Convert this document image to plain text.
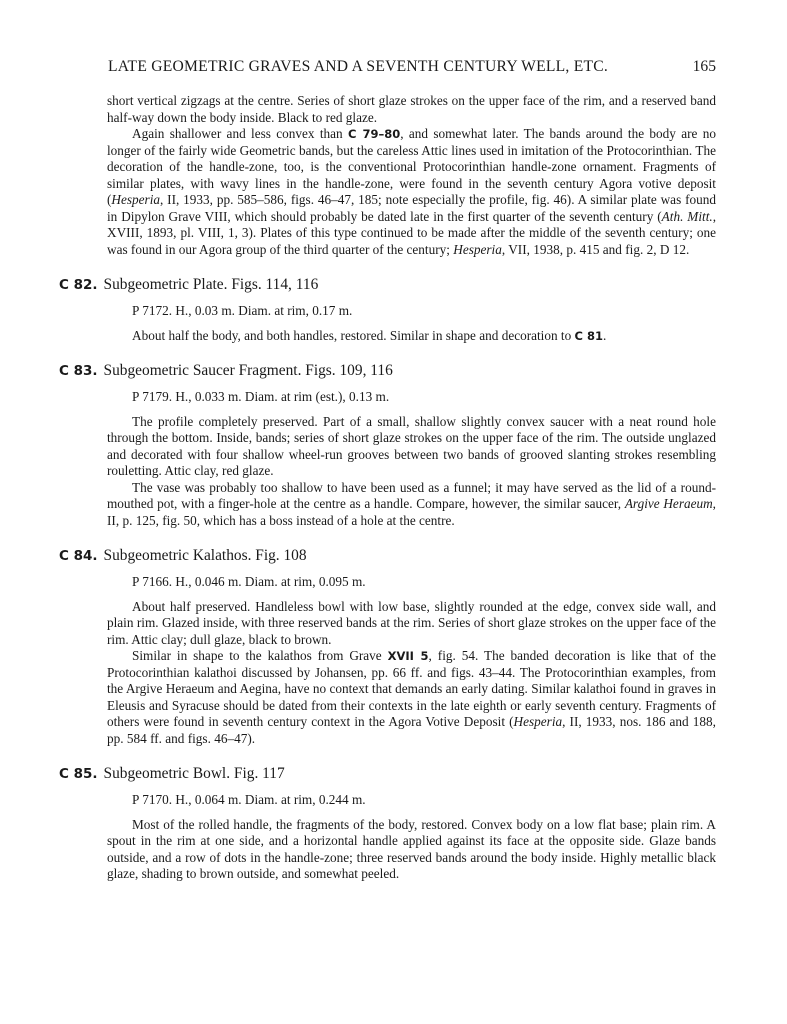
LATE GEOMETRIC GRAVES AND A SEVENTH CENTURY WELL, ETC.	165

short vertical zigzags at the centre. Series of short glaze strokes on the upper face of the rim, and a reserved band half-way down the body inside. Black to red glaze.

Again shallower and less convex than C 79–80, and somewhat later. The bands around the body are no longer of the fairly wide Geometric bands, but the careless Attic lines used in imitation of the Protocorinthian. The decoration of the handle-zone, too, is the conventional Protocorinthian handle-zone ornament. Fragments of similar plates, with wavy lines in the handle-zone, were found in the seventh century Agora votive deposit (Hesperia, II, 1933, pp. 585–586, figs. 46–47, 185; note especially the profile, fig. 46). A similar plate was found in Dipylon Grave VIII, which should probably be dated late in the first quarter of the seventh century (Ath. Mitt., XVIII, 1893, pl. VIII, 1, 3). Plates of this type continued to be made after the middle of the seventh century; one was found in our Agora group of the third quarter of the century; Hesperia, VII, 1938, p. 415 and fig. 2, D 12.

C 82. Subgeometric Plate. Figs. 114, 116

P 7172. H., 0.03 m. Diam. at rim, 0.17 m.

About half the body, and both handles, restored. Similar in shape and decoration to C 81.

C 83. Subgeometric Saucer Fragment. Figs. 109, 116

P 7179. H., 0.033 m. Diam. at rim (est.), 0.13 m.

The profile completely preserved. Part of a small, shallow slightly convex saucer with a neat round hole through the bottom. Inside, bands; series of short glaze strokes on the upper face of the rim. The outside unglazed and decorated with four shallow wheel-run grooves between two bands of grooved slanting strokes resembling rouletting. Attic clay, red glaze.

The vase was probably too shallow to have been used as a funnel; it may have served as the lid of a round-mouthed pot, with a finger-hole at the centre as a handle. Compare, however, the similar saucer, Argive Heraeum, II, p. 125, fig. 50, which has a boss instead of a hole at the centre.

C 84. Subgeometric Kalathos. Fig. 108

P 7166. H., 0.046 m. Diam. at rim, 0.095 m.

About half preserved. Handleless bowl with low base, slightly rounded at the edge, convex side wall, and plain rim. Glazed inside, with three reserved bands at the rim. Series of short glaze strokes on the upper face of the rim. Attic clay; dull glaze, black to brown.

Similar in shape to the kalathos from Grave XVII 5, fig. 54. The banded decoration is like that of the Protocorinthian kalathoi discussed by Johansen, pp. 66 ff. and figs. 43–44. The Protocorinthian examples, from the Argive Heraeum and Aegina, have no context that demands an early dating. Similar kalathoi found in graves in Eleusis and Syracuse should be dated from their contexts in the late eighth or early seventh century. Fragments of others were found in seventh century context in the Agora Votive Deposit (Hesperia, II, 1933, nos. 186 and 188, pp. 584 ff. and figs. 46–47).

C 85. Subgeometric Bowl. Fig. 117

P 7170. H., 0.064 m. Diam. at rim, 0.244 m.

Most of the rolled handle, the fragments of the body, restored. Convex body on a low flat base; plain rim. A spout in the rim at one side, and a horizontal handle applied against its face at the opposite side. Glaze bands outside, and a row of dots in the handle-zone; three reserved bands around the body inside. Highly metallic black glaze, shading to brown outside, and somewhat peeled.
